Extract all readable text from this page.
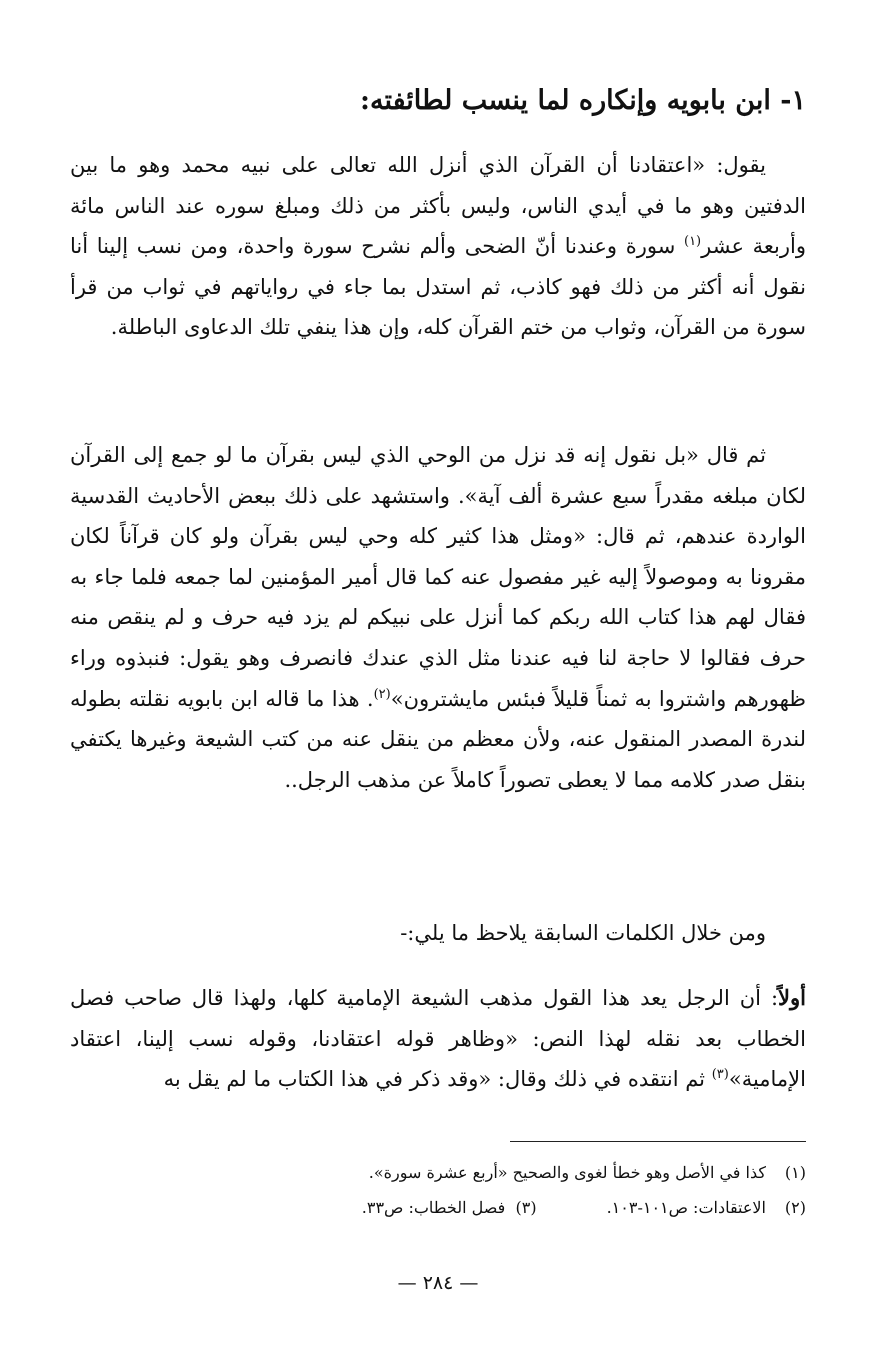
١- ابن بابويه وإنكاره لما ينسب لطائفته:

يقول: «اعتقادنا أن القرآن الذي أنزل الله تعالى على نبيه محمد وهو ما بين الدفتين وهو ما في أيدي الناس، وليس بأكثر من ذلك ومبلغ سوره عند الناس مائة وأربعة عشر$^{(١)}$ سورة وعندنا أنّ الضحى وألم نشرح سورة واحدة، ومن نسب إلينا أنا نقول أنه أكثر من ذلك فهو كاذب، ثم استدل بما جاء في رواياتهم في ثواب من قرأ سورة من القرآن، وثواب من ختم القرآن كله، وإن هذا ينفي تلك الدعاوى الباطلة.

ثم قال «بل نقول إنه قد نزل من الوحي الذي ليس بقرآن ما لو جمع إلى القرآن لكان مبلغه مقدراً سبع عشرة ألف آية». واستشهد على ذلك ببعض الأحاديث القدسية الواردة عندهم، ثم قال: «ومثل هذا كثير كله وحي ليس بقرآن ولو كان قرآناً لكان مقرونا به وموصولاً إليه غير مفصول عنه كما قال أمير المؤمنين لما جمعه فلما جاء به فقال لهم هذا كتاب الله ربكم كما أنزل على نبيكم لم يزد فيه حرف و لم ينقص منه حرف فقالوا لا حاجة لنا فيه عندنا مثل الذي عندك فانصرف وهو يقول: فنبذوه وراء ظهورهم واشتروا به ثمناً قليلاً فبئس مايشترون»$^{(٢)}$. هذا ما قاله ابن بابويه نقلته بطوله لندرة المصدر المنقول عنه، ولأن معظم من ينقل عنه من كتب الشيعة وغيرها يكتفي بنقل صدر كلامه مما لا يعطى تصوراً كاملاً عن مذهب الرجل..

ومن خلال الكلمات السابقة يلاحظ ما يلي:-

أولاً: أن الرجل يعد هذا القول مذهب الشيعة الإمامية كلها، ولهذا قال صاحب فصل الخطاب بعد نقله لهذا النص: «وظاهر قوله اعتقادنا، وقوله نسب إلينا، اعتقاد الإمامية»$^{(٣)}$ ثم انتقده في ذلك وقال: «وقد ذكر في هذا الكتاب ما لم يقل به

(١)كذا في الأصل وهو خطأ لغوى والصحيح «أربع عشرة سورة».
(٢)الاعتقادات: ص١٠١-١٠٣.(٣)  فصل الخطاب: ص٣٣.
— ٢٨٤ —
